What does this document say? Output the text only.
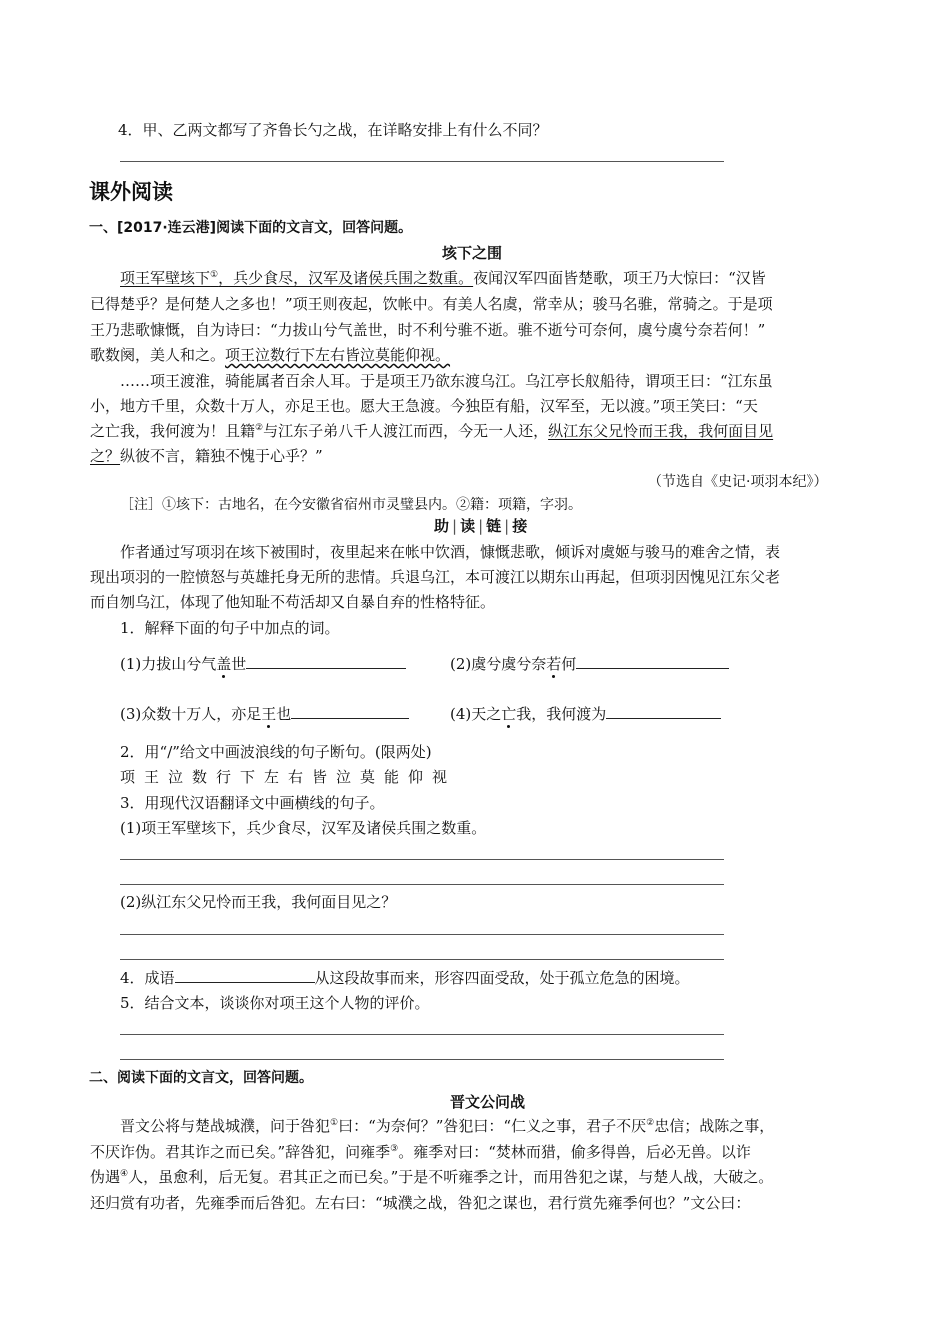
4．甲、乙两文都写了齐鲁长勺之战，在详略安排上有什么不同？
课外阅读
一、[2017·连云港]阅读下面的文言文，回答问题。
垓下之围
项王军壁垓下①，兵少食尽，汉军及诸侯兵围之数重。夜闻汉军四面皆楚歌，项王乃大惊曰：“汉皆
已得楚乎？是何楚人之多也！”项王则夜起，饮帐中。有美人名虞，常幸从；骏马名骓，常骑之。于是项
王乃悲歌慷慨，自为诗曰：“力拔山兮气盖世，时不利兮骓不逝。骓不逝兮可奈何，虞兮虞兮奈若何！”
歌数阕，美人和之。项王泣数行下左右皆泣莫能仰视。
……项王渡淮，骑能属者百余人耳。于是项王乃欲东渡乌江。乌江亭长舣船待，谓项王曰：“江东虽
小，地方千里，众数十万人，亦足王也。愿大王急渡。今独臣有船，汉军至，无以渡。”项王笑曰：“天
之亡我，我何渡为！且籍②与江东子弟八千人渡江而西，今无一人还，纵江东父兄怜而王我，我何面目见
之？纵彼不言，籍独不愧于心乎？”
（节选自《史记·项羽本纪》）
［注］①垓下：古地名，在今安徽省宿州市灵璧县内。②籍：项籍，字羽。
助 | 读 | 链 | 接
作者通过写项羽在垓下被围时，夜里起来在帐中饮酒，慷慨悲歌，倾诉对虞姬与骏马的难舍之情，表
现出项羽的一腔愤怒与英雄托身无所的悲情。兵退乌江，本可渡江以期东山再起，但项羽因愧见江东父老
而自刎乌江，体现了他知耻不苟活却又自暴自弃的性格特征。
1．解释下面的句子中加点的词。
(1)力拔山兮气盖世	(2)虞兮虞兮奈若何
(3)众数十万人，亦足王也	(4)天之亡我，我何渡为
2．用“/”给文中画波浪线的句子断句。(限两处)
项王泣数行下左右皆泣莫能仰视
3．用现代汉语翻译文中画横线的句子。
(1)项王军壁垓下，兵少食尽，汉军及诸侯兵围之数重。
(2)纵江东父兄怜而王我，我何面目见之？
4．成语	从这段故事而来，形容四面受敌，处于孤立危急的困境。
5．结合文本，谈谈你对项王这个人物的评价。
二、阅读下面的文言文，回答问题。
晋文公问战
晋文公将与楚战城濮，问于咎犯①曰：“为奈何？”咎犯曰：“仁义之事，君子不厌②忠信；战陈之事，
不厌诈伪。君其诈之而已矣。”辞咎犯，问雍季③。雍季对曰：“焚林而猎，偷多得兽，后必无兽。以诈
伪遇④人，虽愈利，后无复。君其正之而已矣。”于是不听雍季之计，而用咎犯之谋，与楚人战，大破之。
还归赏有功者，先雍季而后咎犯。左右曰：“城濮之战，咎犯之谋也，君行赏先雍季何也？”文公曰：
